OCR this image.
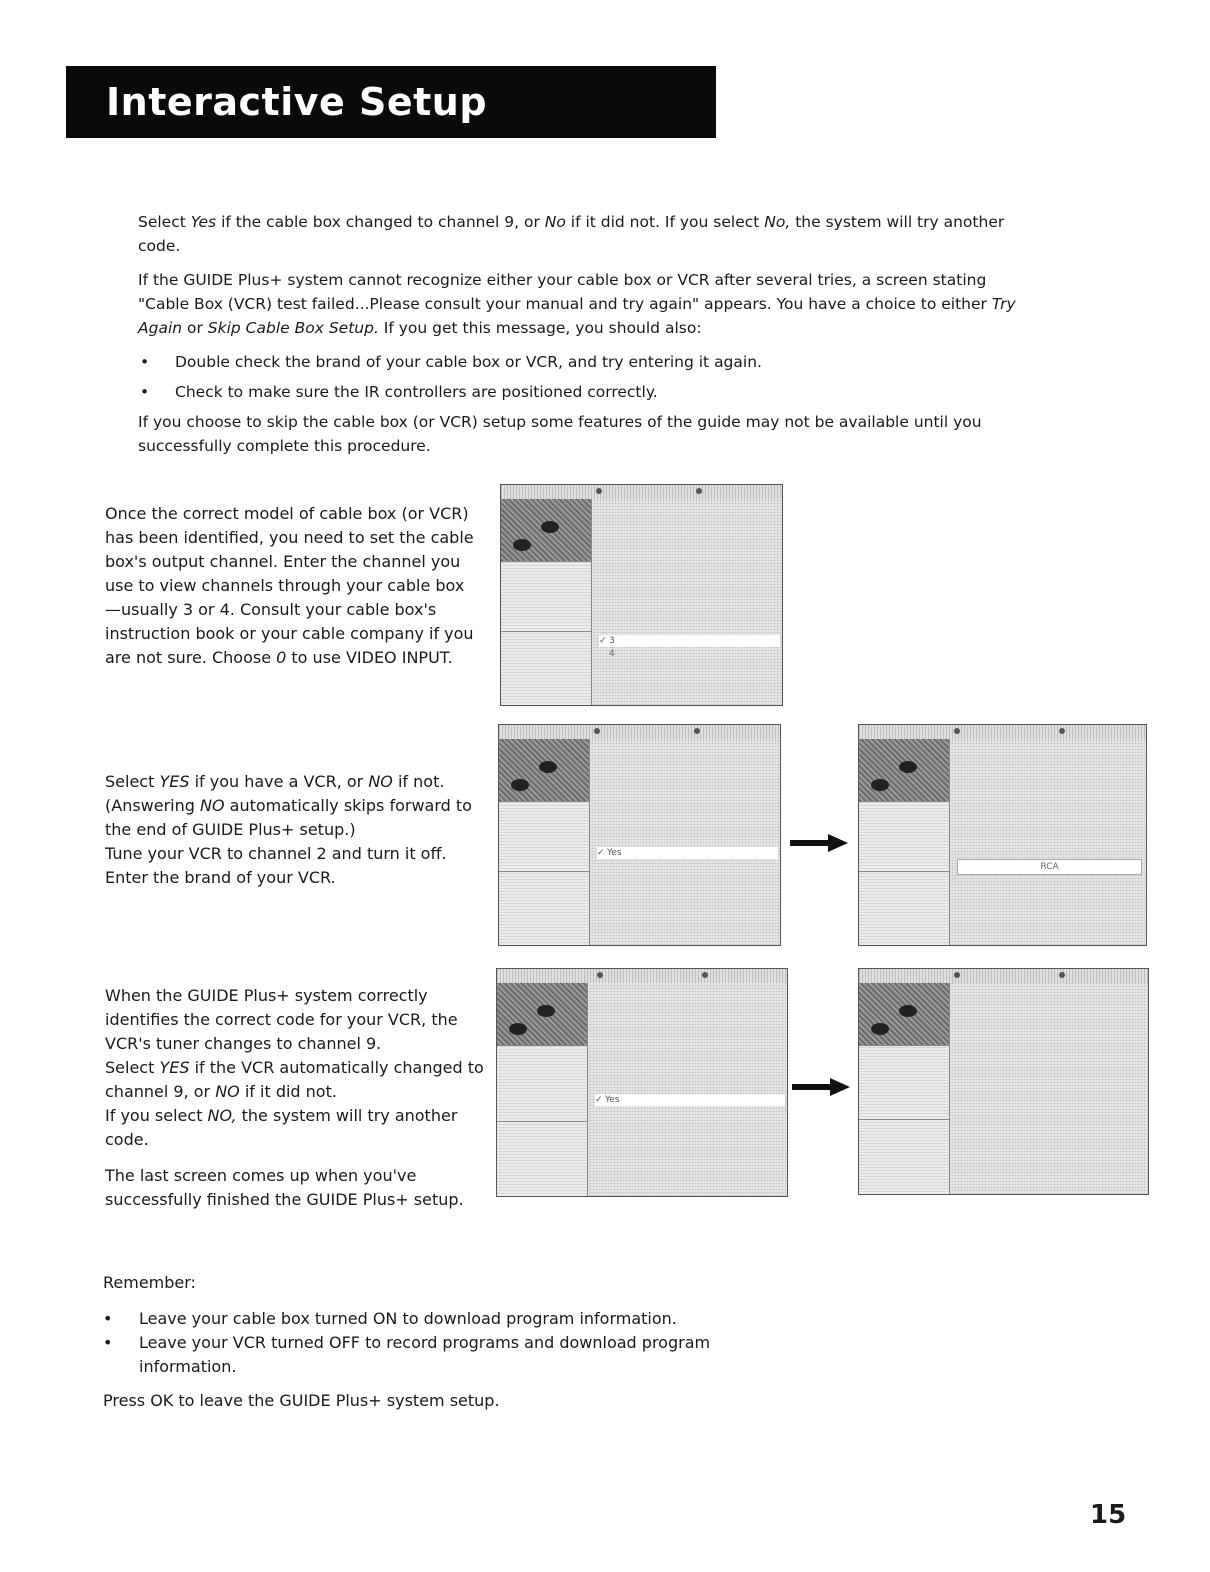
Interactive Setup

Select Yes if the cable box changed to channel 9, or No if it did not. If you select No, the system will try another code.

If the GUIDE Plus+ system cannot recognize either your cable box or VCR after several tries, a screen stating "Cable Box (VCR) test failed...Please consult your manual and try again" appears. You have a choice to either Try Again or Skip Cable Box Setup. If you get this message, you should also:

• Double check the brand of your cable box or VCR, and try entering it again.
• Check to make sure the IR controllers are positioned correctly.

If you choose to skip the cable box (or VCR) setup some features of the guide may not be available until you successfully complete this procedure.

Once the correct model of cable box (or VCR) has been identified, you need to set the cable box's output channel. Enter the channel you use to view channels through your cable box—usually 3 or 4. Consult your cable box's instruction book or your cable company if you are not sure. Choose 0 to use VIDEO INPUT.

Select YES if you have a VCR, or NO if not.

(Answering NO automatically skips forward to the end of GUIDE Plus+ setup.)

Tune your VCR to channel 2 and turn it off. Enter the brand of your VCR.

When the GUIDE Plus+ system correctly identifies the correct code for your VCR, the VCR's tuner changes to channel 9.

Select YES if the VCR automatically changed to channel 9, or NO if it did not.

If you select NO, the system will try another code.

The last screen comes up when you've successfully finished the GUIDE Plus+ setup.

✓ 3
4
✓ Yes
RCA
✓ Yes

Remember:

• Leave your cable box turned ON to download program information.
• Leave your VCR turned OFF to record programs and download program information.

Press OK to leave the GUIDE Plus+ system setup.

15
